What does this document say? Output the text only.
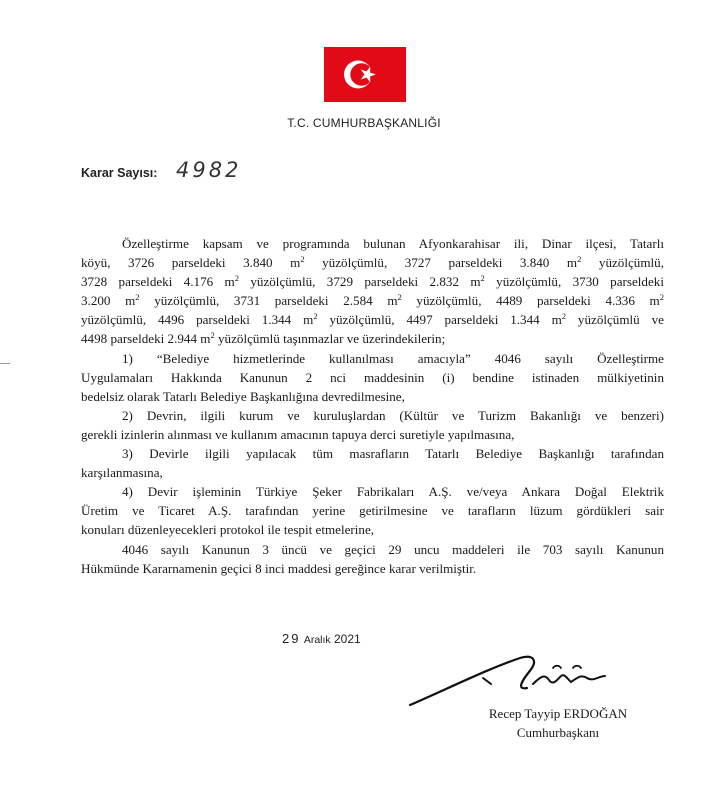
T.C. CUMHURBAŞKANLIĞI
Karar Sayısı: 4982
Özelleştirme kapsam ve programında bulunan Afyonkarahisar ili, Dinar ilçesi, Tatarlı
köyü, 3726 parseldeki 3.840 $m^2$ yüzölçümlü, 3727 parseldeki 3.840 $m^2$ yüzölçümlü,
3728 parseldeki 4.176 $m^2$ yüzölçümlü, 3729 parseldeki 2.832 $m^2$ yüzölçümlü, 3730 parseldeki
3.200 $m^2$ yüzölçümlü, 3731 parseldeki 2.584 $m^2$ yüzölçümlü, 4489 parseldeki 4.336 $m^2$
yüzölçümlü, 4496 parseldeki 1.344 $m^2$ yüzölçümlü, 4497 parseldeki 1.344 $m^2$ yüzölçümlü ve
4498 parseldeki 2.944 $m^2$ yüzölçümlü taşınmazlar ve üzerindekilerin;
1) “Belediye hizmetlerinde kullanılması amacıyla” 4046 sayılı Özelleştirme
Uygulamaları Hakkında Kanunun 2 nci maddesinin (i) bendine istinaden mülkiyetinin
bedelsiz olarak Tatarlı Belediye Başkanlığına devredilmesine,
2) Devrin, ilgili kurum ve kuruluşlardan (Kültür ve Turizm Bakanlığı ve benzeri)
gerekli izinlerin alınması ve kullanım amacının tapuya derci suretiyle yapılmasına,
3) Devirle ilgili yapılacak tüm masrafların Tatarlı Belediye Başkanlığı tarafından
karşılanmasına,
4) Devir işleminin Türkiye Şeker Fabrikaları A.Ş. ve/veya Ankara Doğal Elektrik
Üretim ve Ticaret A.Ş. tarafından yerine getirilmesine ve tarafların lüzum gördükleri sair
konuları düzenleyecekleri protokol ile tespit etmelerine,
4046 sayılı Kanunun 3 üncü ve geçici 29 uncu maddeleri ile 703 sayılı Kanunun
Hükmünde Kararnamenin geçici 8 inci maddesi gereğince karar verilmiştir.
29 Aralık 2021
Recep Tayyip ERDOĞAN
Cumhurbaşkanı
